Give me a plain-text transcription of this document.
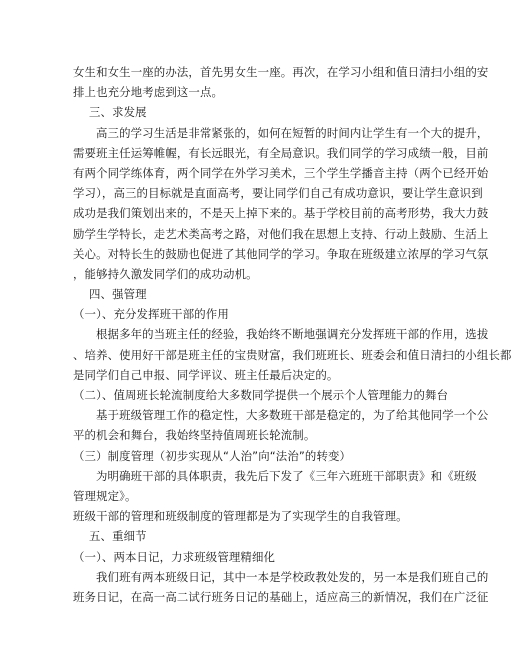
女生和女生一座的办法，首先男女生一座。再次，在学习小组和值日清扫小组的安
排上也充分地考虑到这一点。
三、求发展
高三的学习生活是非常紧张的，如何在短暂的时间内让学生有一个大的提升，
需要班主任运筹帷幄，有长远眼光，有全局意识。我们同学的学习成绩一般，目前
有两个同学练体育，两个同学在外学习美术，三个学生学播音主持（两个已经开始
学习），高三的目标就是直面高考，要让同学们自己有成功意识，要让学生意识到
成功是我们策划出来的，不是天上掉下来的。基于学校目前的高考形势，我大力鼓
励学生学特长，走艺术类高考之路，对他们我在思想上支持、行动上鼓励、生活上
关心。对特长生的鼓励也促进了其他同学的学习。争取在班级建立浓厚的学习气氛
，能够持久激发同学们的成功动机。
四、强管理
（一）、充分发挥班干部的作用
根据多年的当班主任的经验，我始终不断地强调充分发挥班干部的作用，选拔
、培养、使用好干部是班主任的宝贵财富，我们班班长、班委会和值日清扫的小组长都
是同学们自己申报、同学评议、班主任最后决定的。
（二）、值周班长轮流制度给大多数同学提供一个展示个人管理能力的舞台
基于班级管理工作的稳定性，大多数班干部是稳定的，为了给其他同学一个公
平的机会和舞台，我始终坚持值周班长轮流制。
（三）制度管理（初步实现从“人治”向“法治”的转变）
为明确班干部的具体职责，我先后下发了《三年六班班干部职责》和《班级
管理规定》。
班级干部的管理和班级制度的管理都是为了实现学生的自我管理。
五、重细节
（一）、两本日记，力求班级管理精细化
我们班有两本班级日记，其中一本是学校政教处发的，另一本是我们班自己的
班务日记，在高一高二试行班务日记的基础上，适应高三的新情况，我们在广泛征
